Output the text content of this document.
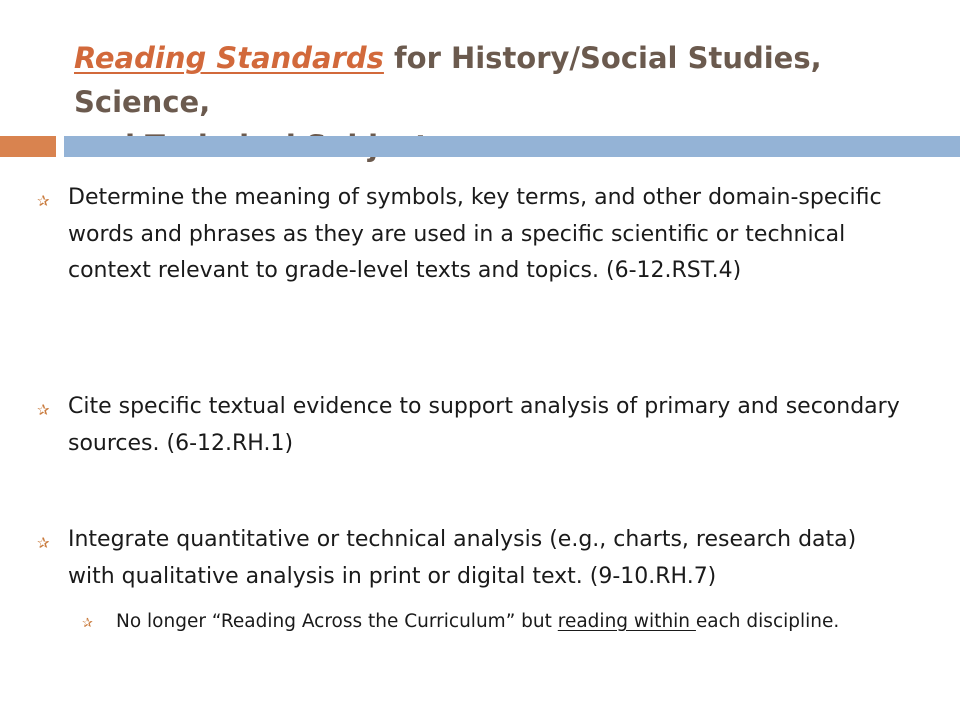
Reading Standards for History/Social Studies, Science,

✰ Determine the meaning of symbols, key terms, and other domain-specific words and phrases as they are used in a specific scientific or technical context relevant to grade-level texts and topics. (6-12.RST.4)
✰ Cite specific textual evidence to support analysis of primary and secondary sources. (6-12.RH.1)
✰ Integrate quantitative or technical analysis (e.g., charts, research data) with qualitative analysis in print or digital text. (9-10.RH.7)
✰ No longer “Reading Across the Curriculum” but reading within each discipline.
